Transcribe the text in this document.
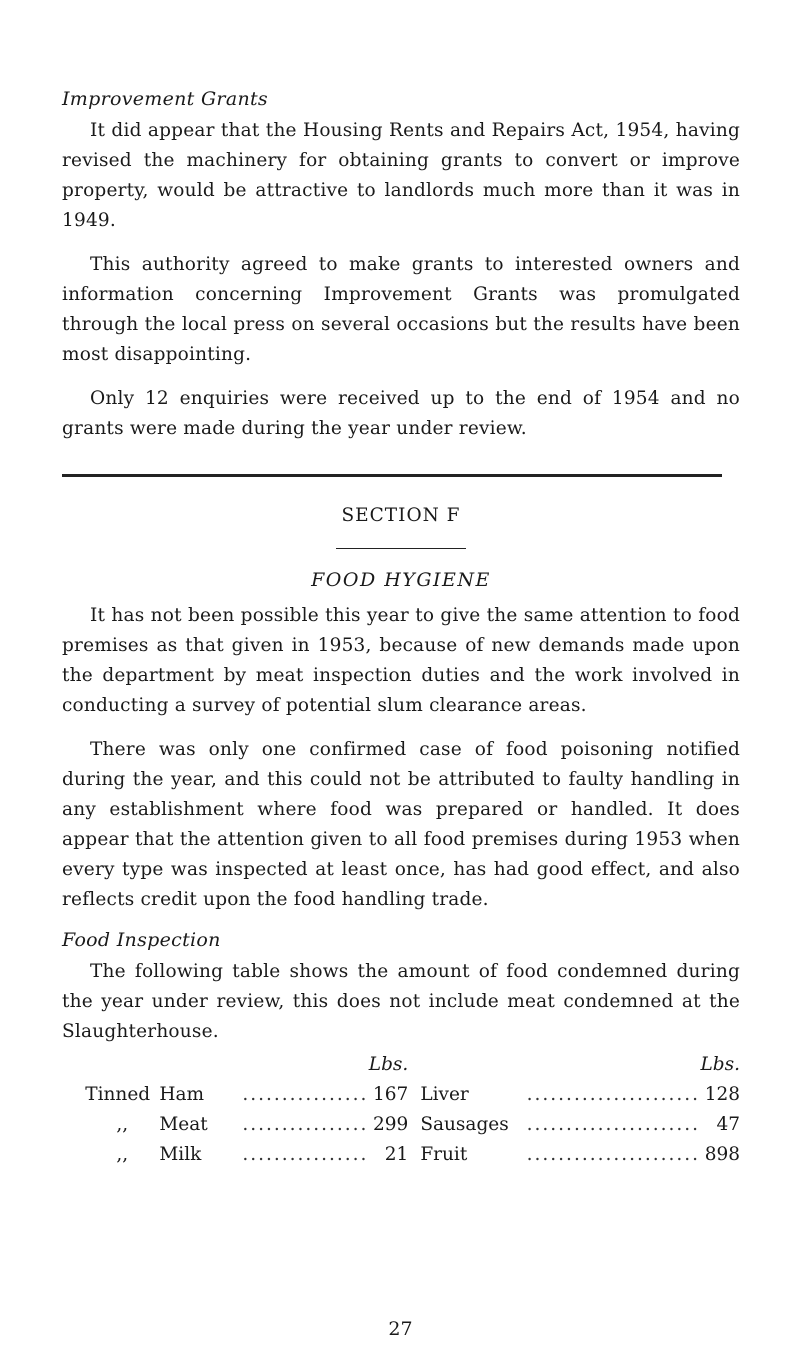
Improvement Grants

It did appear that the Housing Rents and Repairs Act, 1954, having revised the machinery for obtaining grants to convert or improve property, would be attractive to landlords much more than it was in 1949.

This authority agreed to make grants to interested owners and information concerning Improvement Grants was promulgated through the local press on several occasions but the results have been most disappointing.

Only 12 enquiries were received up to the end of 1954 and no grants were made during the year under review.

SECTION F
FOOD HYGIENE

It has not been possible this year to give the same attention to food premises as that given in 1953, because of new demands made upon the department by meat inspection duties and the work involved in conducting a survey of potential slum clearance areas.

There was only one confirmed case of food poisoning notified during the year, and this could not be attributed to faulty handling in any establishment where food was prepared or handled. It does appear that the attention given to all food premises during 1953 when every type was inspected at least once, has had good effect, and also reflects credit upon the food handling trade.

Food Inspection

The following table shows the amount of food condemned during the year under review, this does not include meat condemned at the Slaughterhouse.

				Lbs.			Lbs.
	Tinned	Ham	................	167	Liver	......................	128
	,,	Meat	................	299	Sausages	......................	47
	,,	Milk	................	21	Fruit	......................	898
27
